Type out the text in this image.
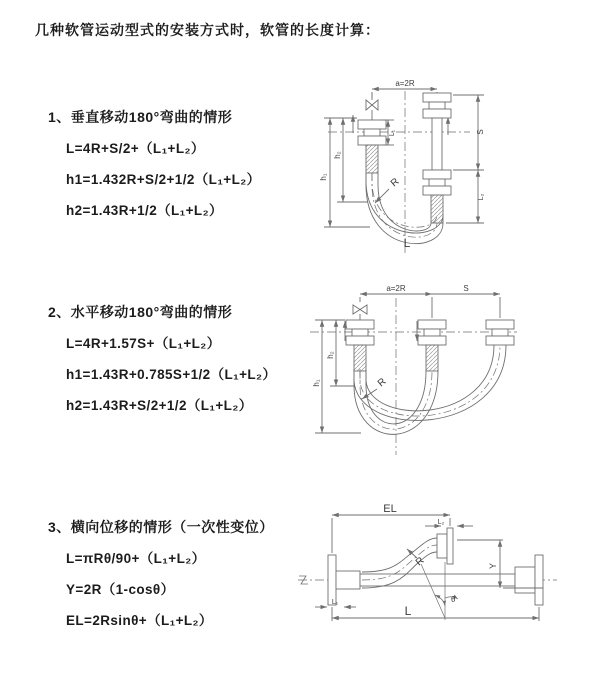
几种软管运动型式的安装方式时，软管的长度计算：
1、垂直移动180°弯曲的情形
L=4R+S/2+（L₁+L₂）
h1=1.432R+S/2+1/2（L₁+L₂）
h2=1.43R+1/2（L₁+L₂）
2、水平移动180°弯曲的情形
L=4R+1.57S+（L₁+L₂）
h1=1.43R+0.785S+1/2（L₁+L₂）
h2=1.43R+S/2+1/2（L₁+L₂）
3、横向位移的情形（一次性变位）
L=πRθ/90+（L₁+L₂）
Y=2R（1-cosθ）
EL=2Rsinθ+（L₁+L₂）
a=2R
S
L₁
L₂
h₂
h₁	R
L
a=2R	S
h₂
h₁	R
EL
L₂
Y
L
L₁
R
θ
